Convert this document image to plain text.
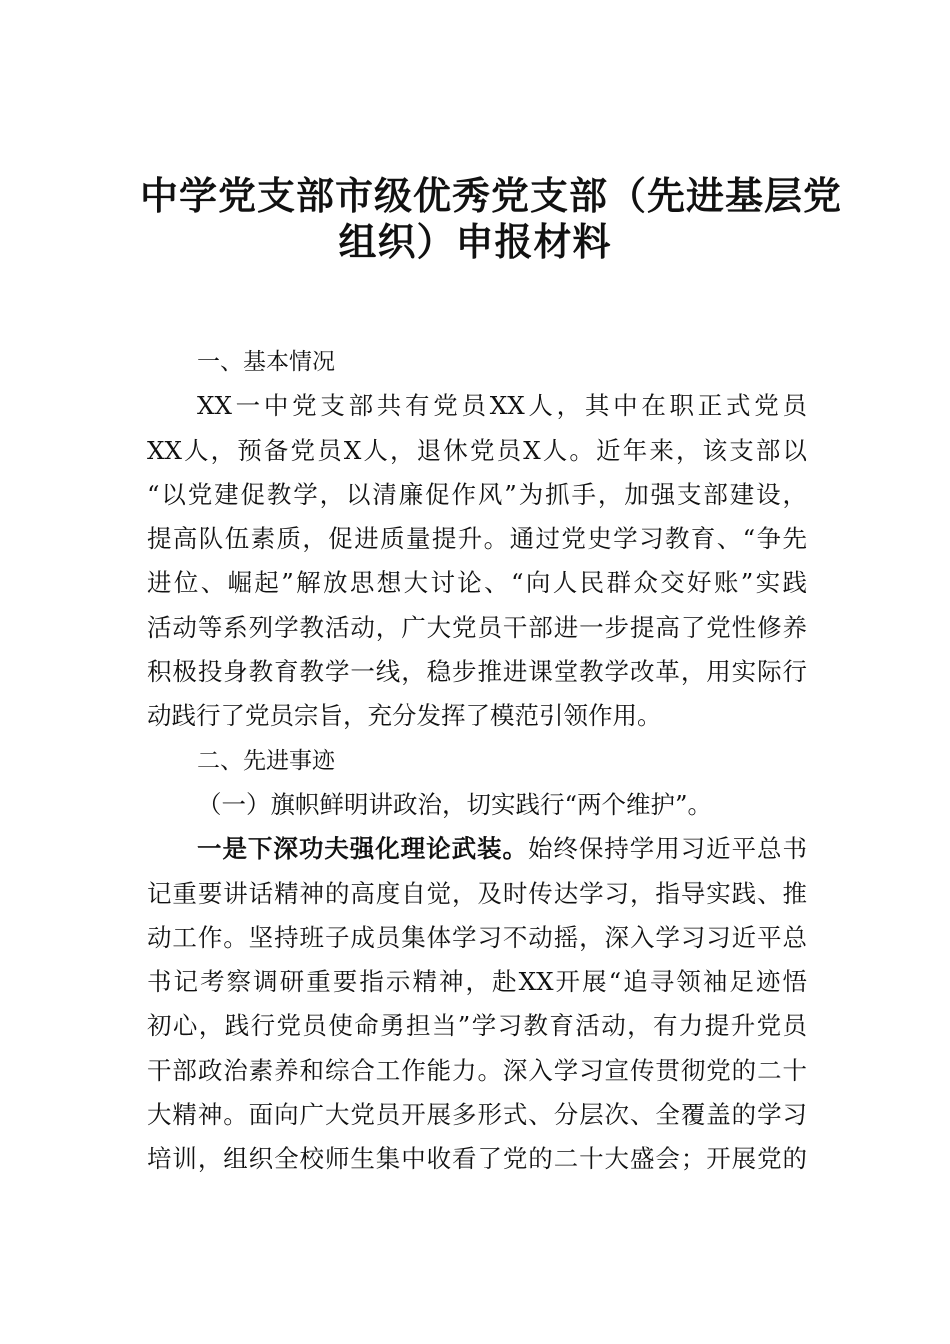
中学党支部市级优秀党支部（先进基层党
组织）申报材料
一、基本情况
XX一中党支部共有党员XX人，其中在职正式党员
XX人，预备党员X人，退休党员X人。近年来，该支部以
“以党建促教学，以清廉促作风”为抓手，加强支部建设，
提高队伍素质，促进质量提升。通过党史学习教育、“争先
进位、崛起”解放思想大讨论、“向人民群众交好账”实践
活动等系列学教活动，广大党员干部进一步提高了党性修养
积极投身教育教学一线，稳步推进课堂教学改革，用实际行
动践行了党员宗旨，充分发挥了模范引领作用。
二、先进事迹
（一）旗帜鲜明讲政治，切实践行“两个维护”。
一是下深功夫强化理论武装。始终保持学用习近平总书
记重要讲话精神的高度自觉，及时传达学习，指导实践、推
动工作。坚持班子成员集体学习不动摇，深入学习习近平总
书记考察调研重要指示精神，赴XX开展“追寻领袖足迹悟
初心，践行党员使命勇担当”学习教育活动，有力提升党员
干部政治素养和综合工作能力。深入学习宣传贯彻党的二十
大精神。面向广大党员开展多形式、分层次、全覆盖的学习
培训，组织全校师生集中收看了党的二十大盛会；开展党的
